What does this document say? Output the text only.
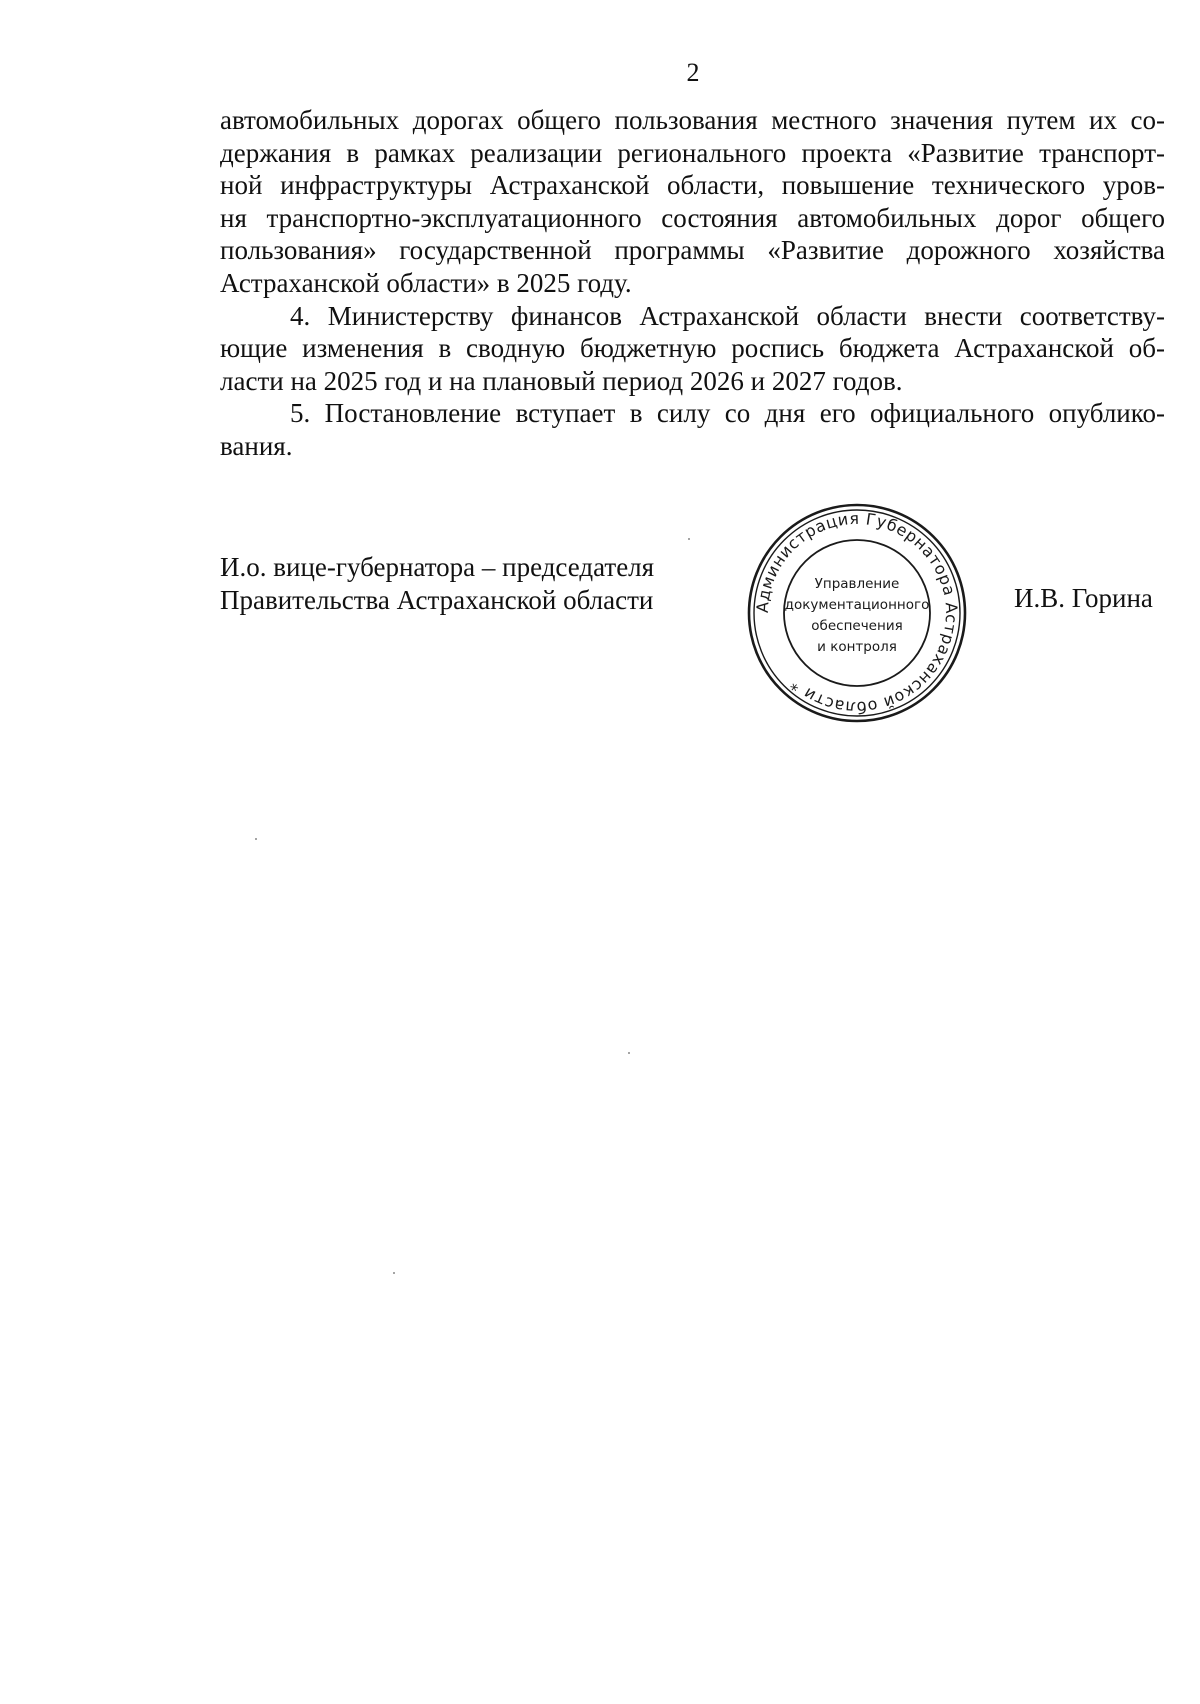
2

автомобильных дорогах общего пользования местного значения путем их со-
держания в рамках реализации регионального проекта «Развитие транспорт-
ной инфраструктуры Астраханской области, повышение технического уров-
ня транспортно-эксплуатационного состояния автомобильных дорог общего
пользования» государственной программы «Развитие дорожного хозяйства
Астраханской области» в 2025 году.

4. Министерству финансов Астраханской области внести соответству-
ющие изменения в сводную бюджетную роспись бюджета Астраханской об-
ласти на 2025 год и на плановый период 2026 и 2027 годов.

5. Постановление вступает в силу со дня его официального опублико-
вания.

И.о. вице-губернатора – председателя
Правительства Астраханской области	И.В. Горина
Администрация Губернатора Астраханской области *
Управление
документационного
обеспечения
и контроля
